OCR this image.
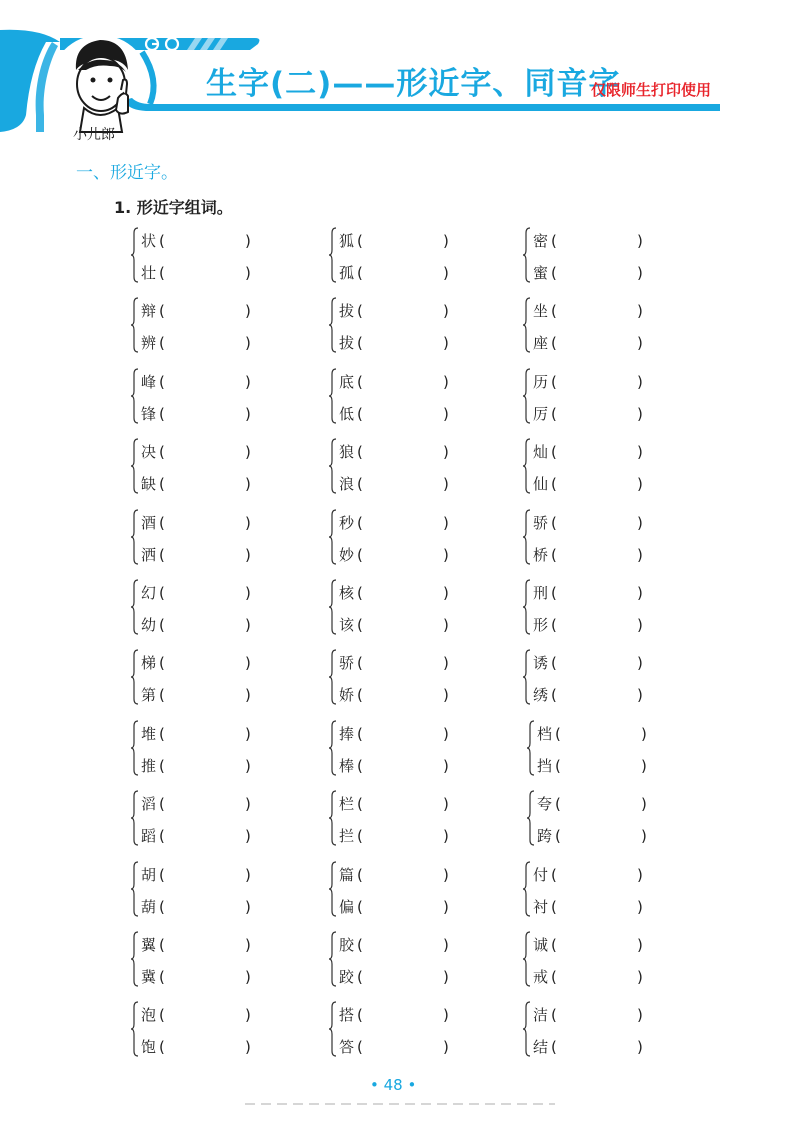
小儿郎
生字(二)——形近字、同音字
仅限师生打印使用
一、形近字。
1. 形近字组词。
状 (	)
壮 (	)
狐 (	)
孤 (	)
密 (	)
蜜 (	)
辩 (	)
辨 (	)
拔 (	)
拔 (	)
坐 (	)
座 (	)
峰 (	)
锋 (	)
底 (	)
低 (	)
历 (	)
厉 (	)
决 (	)
缺 (	)
狼 (	)
浪 (	)
灿 (	)
仙 (	)
酒 (	)
洒 (	)
秒 (	)
妙 (	)
骄 (	)
桥 (	)
幻 (	)
幼 (	)
核 (	)
该 (	)
刑 (	)
形 (	)
梯 (	)
第 (	)
骄 (	)
娇 (	)
诱 (	)
绣 (	)
堆 (	)
推 (	)
捧 (	)
棒 (	)
档 (	)
挡 (	)
滔 (	)
蹈 (	)
栏 (	)
拦 (	)
夸 (	)
跨 (	)
胡 (	)
葫 (	)
篇 (	)
偏 (	)
付 (	)
衬 (	)
翼 (	)
冀 (	)
胶 (	)
跤 (	)
诚 (	)
戒 (	)
泡 (	)
饱 (	)
搭 (	)
答 (	)
洁 (	)
结 (	)
• 48 •
